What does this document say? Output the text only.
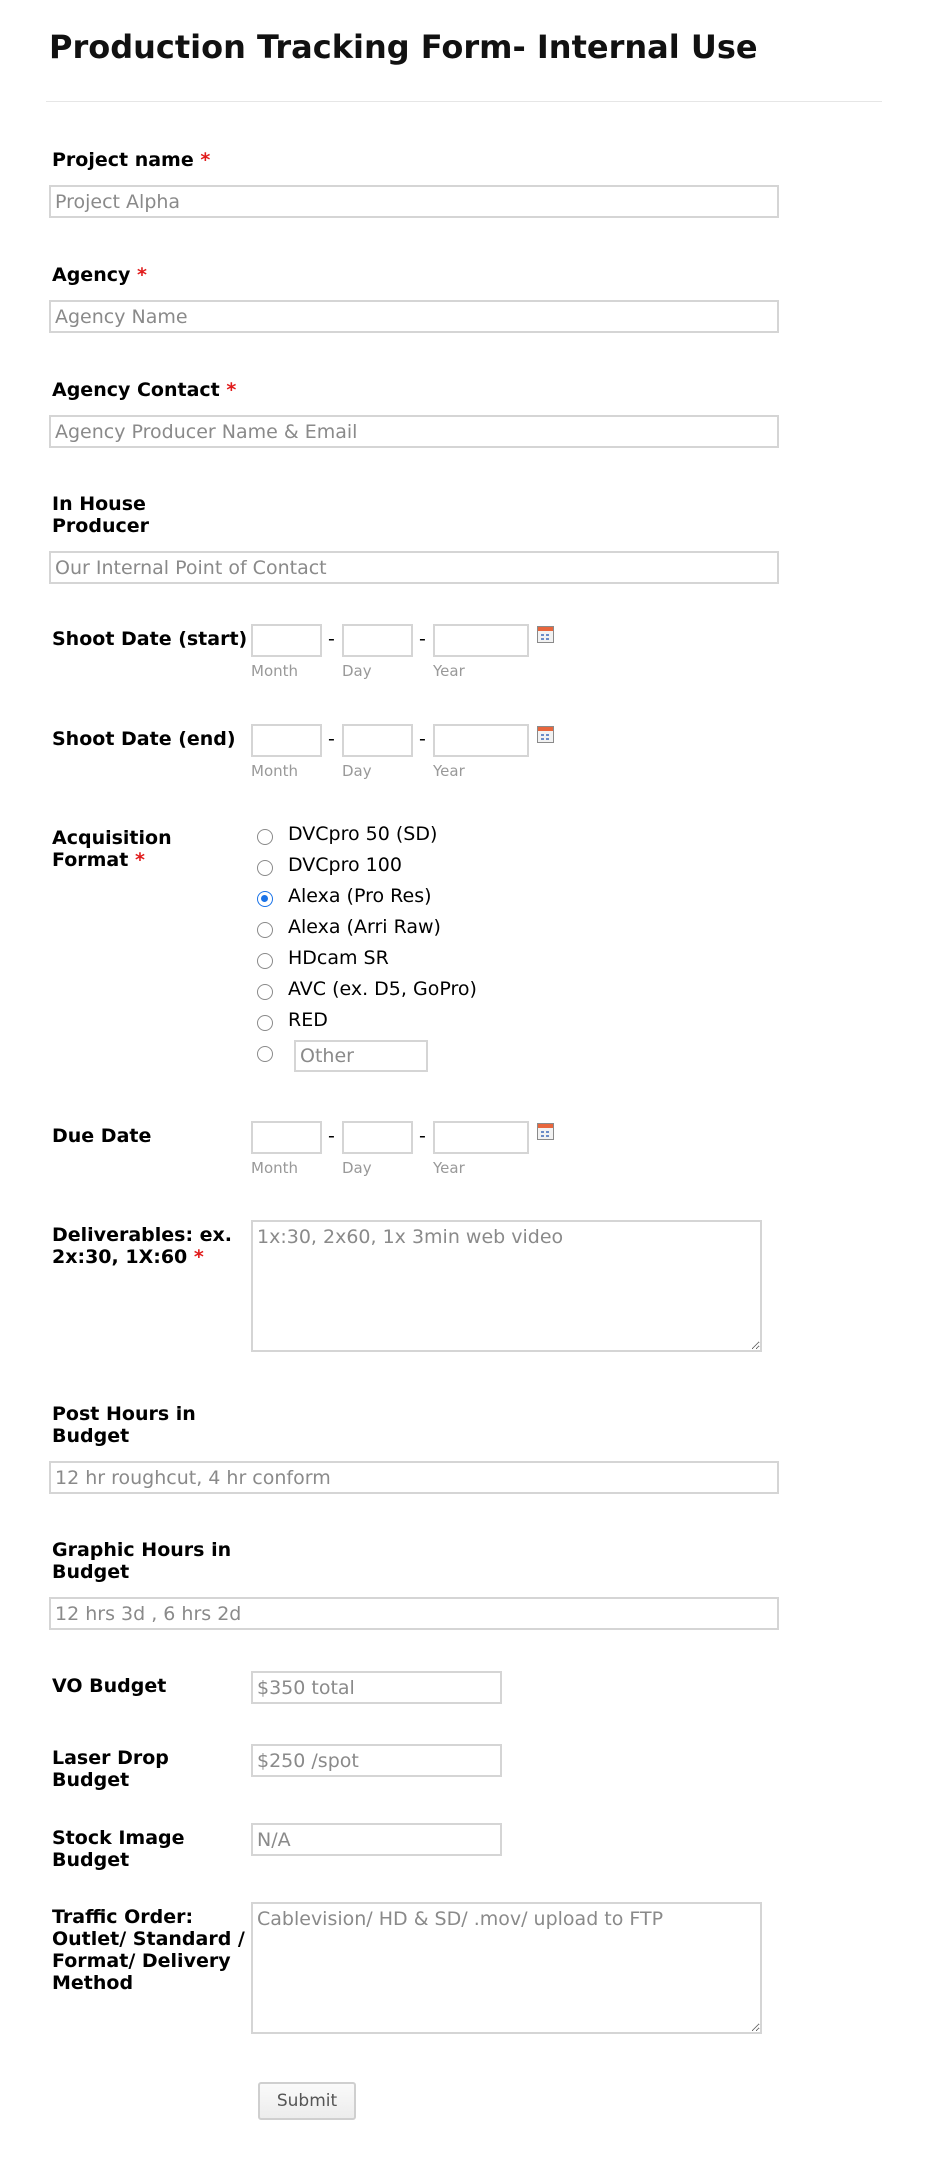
Production Tracking Form- Internal Use
Project name *
Project Alpha
Agency *
Agency Name
Agency Contact *
Agency Producer Name & Email
In House
Producer
Our Internal Point of Contact
Shoot Date (start)	-	-
Month	Day	Year
Shoot Date (end)	-	-
Month	Day	Year
Acquisition
Format *
DVCpro 50 (SD)
DVCpro 100
Alexa (Pro Res)
Alexa (Arri Raw)
HDcam SR
AVC (ex. D5, GoPro)
RED
Other
Due Date	-	-
Month	Day	Year
Deliverables: ex.
2x:30, 1X:60 *
1x:30, 2x60, 1x 3min web video
Post Hours in
Budget
12 hr roughcut, 4 hr conform
Graphic Hours in
Budget
12 hrs 3d , 6 hrs 2d
VO Budget
$350 total
Laser Drop
Budget
$250 /spot
Stock Image
Budget
N/A
Traffic Order:
Outlet/ Standard /
Format/ Delivery
Method
Cablevision/ HD & SD/ .mov/ upload to FTP
Submit
